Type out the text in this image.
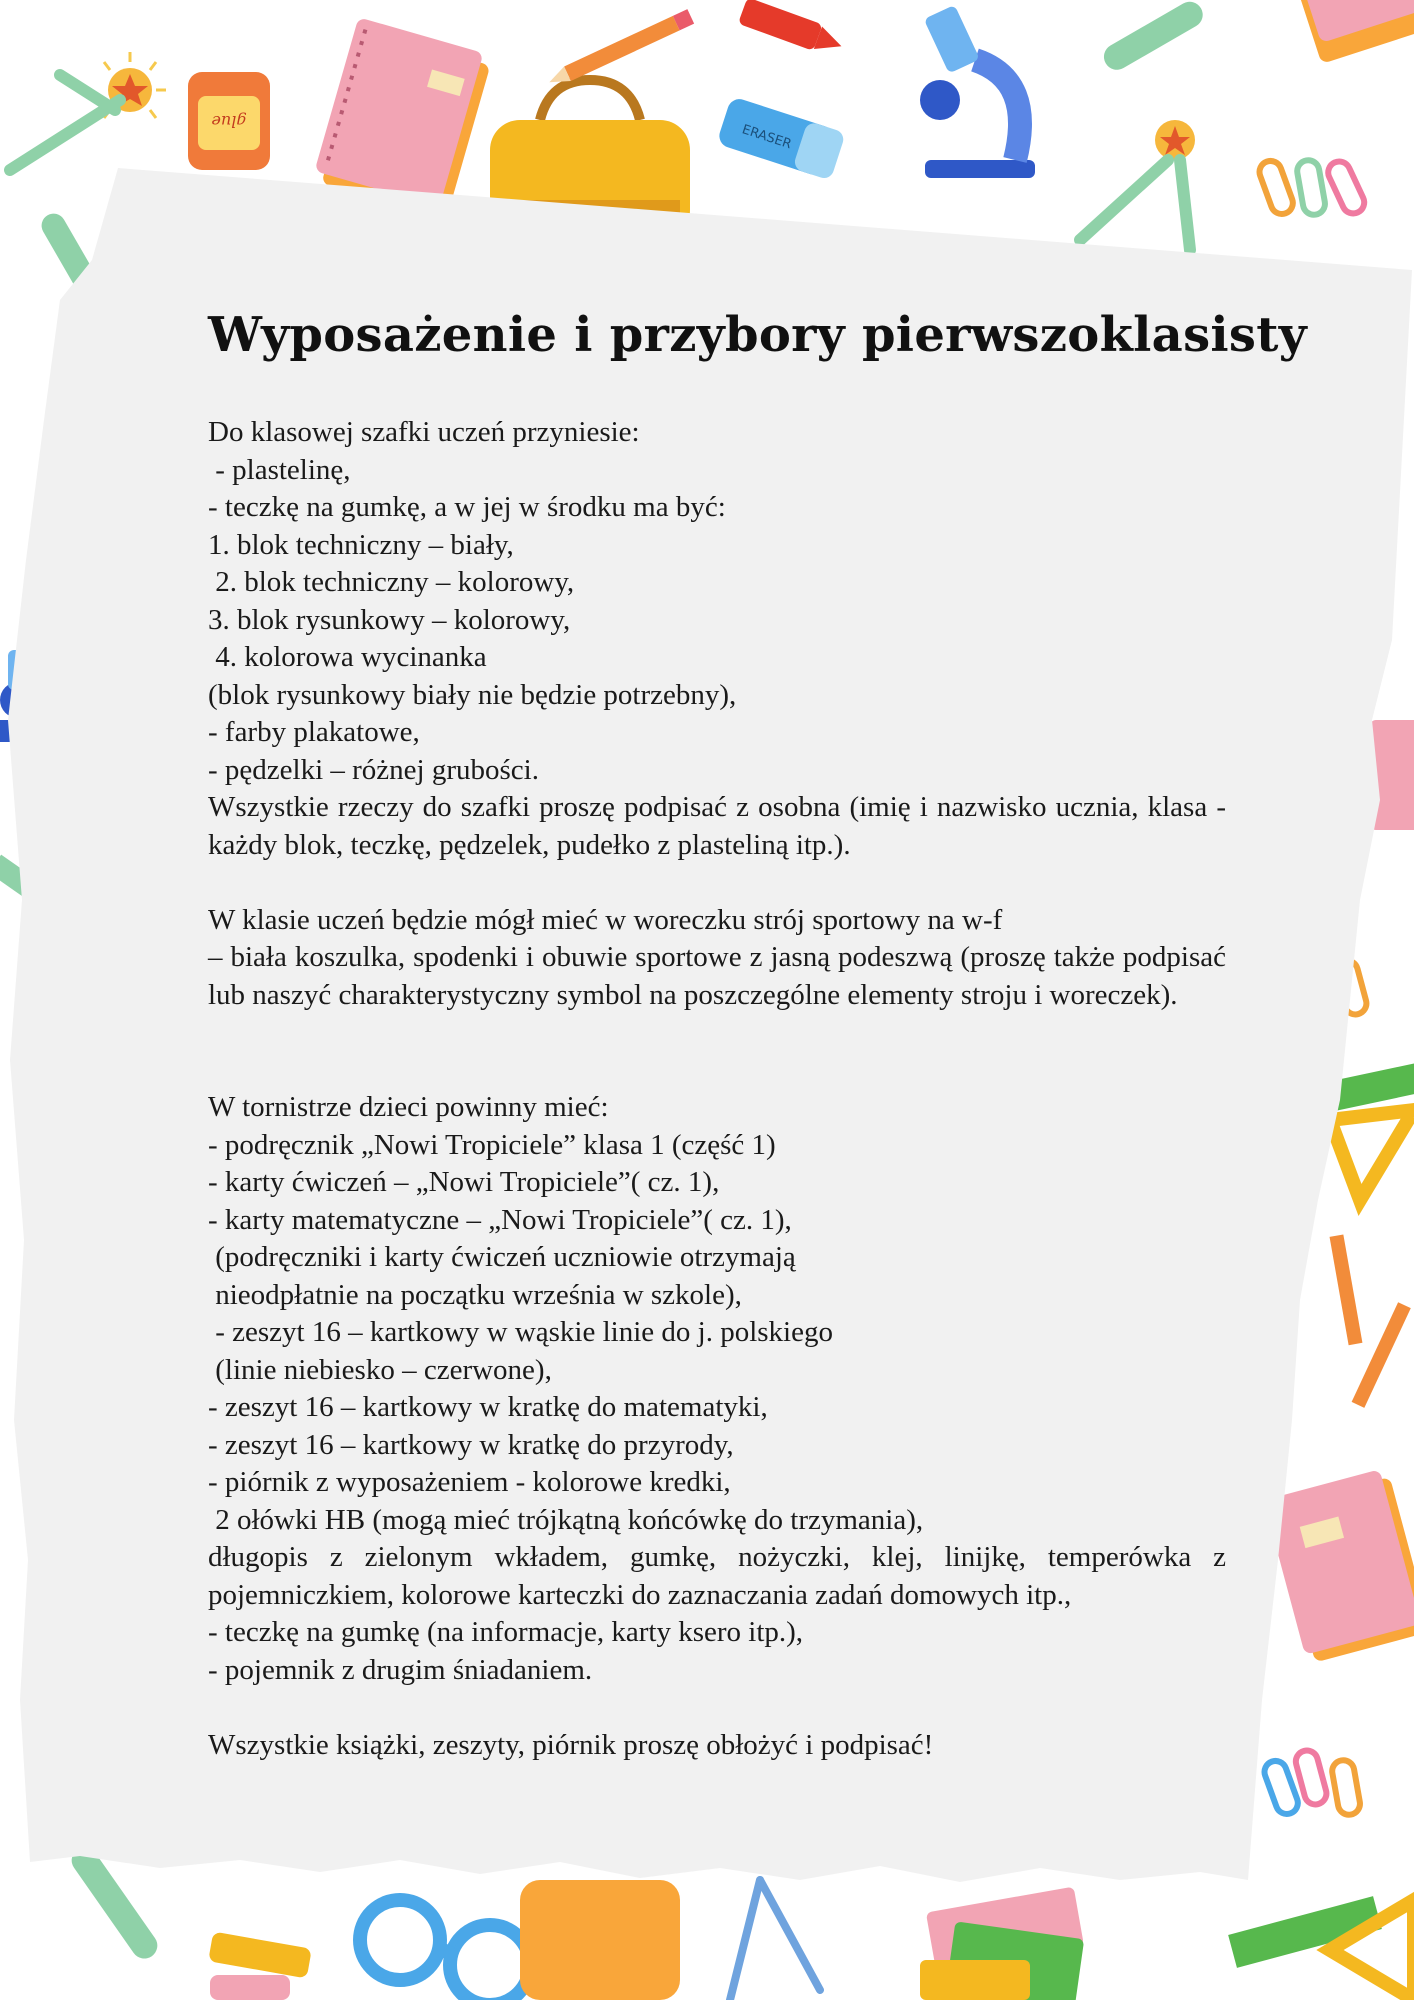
glue
ERASER
Wyposażenie i przybory pierwszoklasisty
Do klasowej szafki uczeń przyniesie:
- plastelinę,
- teczkę na gumkę, a w jej w środku ma być:
1. blok techniczny – biały,
2. blok techniczny – kolorowy,
3. blok rysunkowy – kolorowy,
4. kolorowa wycinanka
(blok rysunkowy biały nie będzie potrzebny),
- farby plakatowe,
- pędzelki – różnej grubości.
Wszystkie rzeczy do szafki proszę podpisać z osobna (imię i nazwisko ucznia, klasa - każdy blok, teczkę, pędzelek, pudełko z plasteliną itp.).
W klasie uczeń będzie mógł mieć w woreczku strój sportowy na w-f
– biała koszulka, spodenki i obuwie sportowe z jasną podeszwą (proszę także podpisać lub naszyć charakterystyczny symbol na poszczególne elementy stroju i woreczek).
W tornistrze dzieci powinny mieć:
- podręcznik „Nowi Tropiciele” klasa 1 (część 1)
- karty ćwiczeń – „Nowi Tropiciele”( cz. 1),
- karty matematyczne – „Nowi Tropiciele”( cz. 1),
(podręczniki i karty ćwiczeń uczniowie otrzymają
nieodpłatnie na początku września w szkole),
- zeszyt 16 – kartkowy w wąskie linie do j. polskiego
(linie niebiesko – czerwone),
- zeszyt 16 – kartkowy w kratkę do matematyki,
- zeszyt 16 – kartkowy w kratkę do przyrody,
- piórnik z wyposażeniem - kolorowe kredki,
2 ołówki HB (mogą mieć trójkątną końcówkę do trzymania),
długopis z zielonym wkładem, gumkę, nożyczki, klej, linijkę, temperówka z pojemniczkiem, kolorowe karteczki do zaznaczania zadań domowych itp.,
- teczkę na gumkę (na informacje, karty ksero itp.),
- pojemnik z drugim śniadaniem.
Wszystkie książki, zeszyty, piórnik proszę obłożyć i podpisać!
